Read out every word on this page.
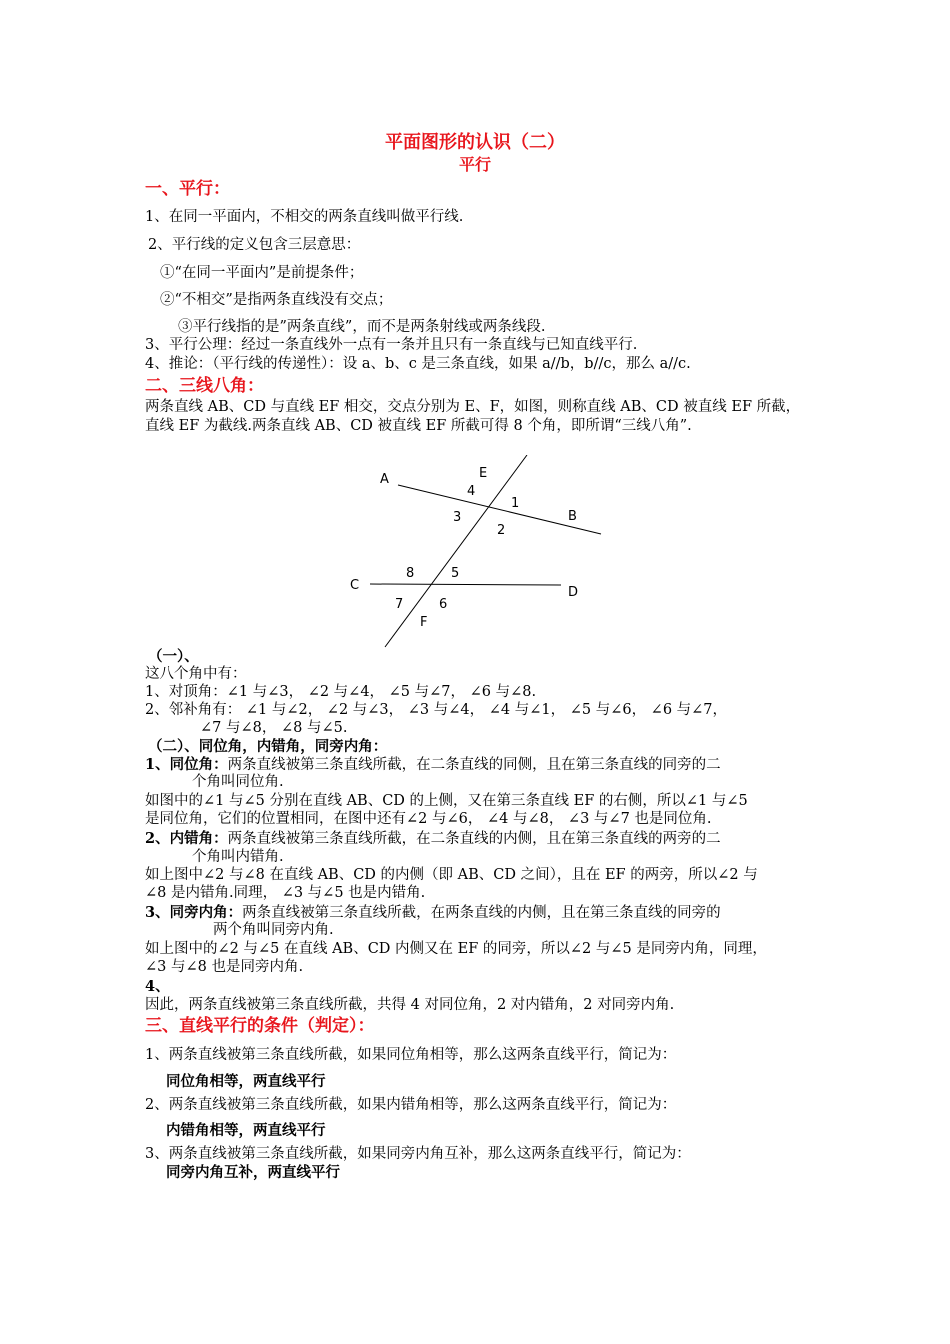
平面图形的认识（二）
平行
一、平行：
1、在同一平面内，不相交的两条直线叫做平行线.
2、平行线的定义包含三层意思：
①“在同一平面内”是前提条件；
②“不相交”是指两条直线没有交点；
③平行线指的是”两条直线”，而不是两条射线或两条线段.
3、平行公理：经过一条直线外一点有一条并且只有一条直线与已知直线平行.
4、推论：（平行线的传递性）：设 a、b、c 是三条直线，如果 a//b，b//c，那么 a//c.
二、三线八角：
两条直线 AB、CD 与直线 EF 相交，交点分别为 E、F，如图，则称直线 AB、CD 被直线 EF 所截，
直线 EF 为截线.两条直线 AB、CD 被直线 EF 所截可得 8 个角，即所谓“三线八角”.
A	E
4
1
B
3
2
8	5
C	D
7	6
F
（一）、
这八个角中有：
1、对顶角：∠1 与∠3， ∠2 与∠4， ∠5 与∠7， ∠6 与∠8.
2、邻补角有： ∠1 与∠2， ∠2 与∠3， ∠3 与∠4， ∠4 与∠1， ∠5 与∠6， ∠6 与∠7，
∠7 与∠8， ∠8 与∠5.
（二）、同位角，内错角，同旁内角：
1、同位角：两条直线被第三条直线所截，在二条直线的同侧，且在第三条直线的同旁的二
个角叫同位角.
如图中的∠1 与∠5 分别在直线 AB、CD 的上侧，又在第三条直线 EF 的右侧，所以∠1 与∠5
是同位角，它们的位置相同，在图中还有∠2 与∠6， ∠4 与∠8， ∠3 与∠7 也是同位角.
2、内错角：两条直线被第三条直线所截，在二条直线的内侧，且在第三条直线的两旁的二
个角叫内错角.
如上图中∠2 与∠8 在直线 AB、CD 的内侧（即 AB、CD 之间），且在 EF 的两旁，所以∠2 与
∠8 是内错角.同理， ∠3 与∠5 也是内错角.
3、同旁内角：两条直线被第三条直线所截，在两条直线的内侧，且在第三条直线的同旁的
两个角叫同旁内角.
如上图中的∠2 与∠5 在直线 AB、CD 内侧又在 EF 的同旁，所以∠2 与∠5 是同旁内角，同理，
∠3 与∠8 也是同旁内角.
4、
因此，两条直线被第三条直线所截，共得 4 对同位角，2 对内错角，2 对同旁内角.
三、直线平行的条件（判定）：
1、两条直线被第三条直线所截，如果同位角相等，那么这两条直线平行，简记为：
同位角相等，两直线平行
2、两条直线被第三条直线所截，如果内错角相等，那么这两条直线平行，简记为：
内错角相等，两直线平行
3、两条直线被第三条直线所截，如果同旁内角互补，那么这两条直线平行，简记为：
同旁内角互补，两直线平行
